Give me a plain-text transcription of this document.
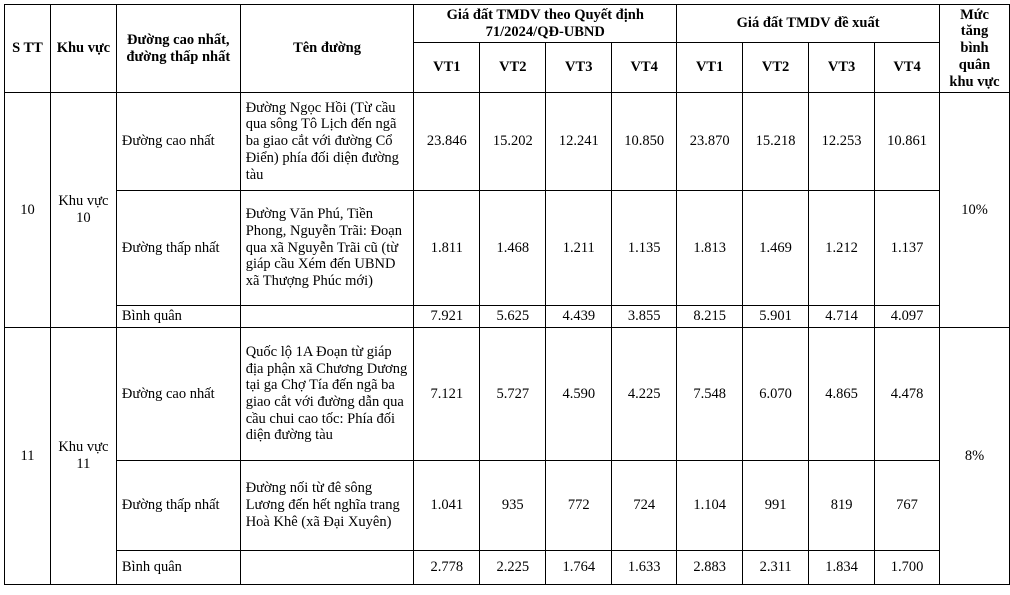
S TT	Khu vực	Đường cao nhất, đường thấp nhất	Tên đường	Giá đất TMDV theo Quyết định 71/2024/QĐ-UBND				Giá đất TMDV đề xuất				Mức tăng bình quân khu vực
				VT1	VT2	VT3	VT4	VT1	VT2	VT3	VT4	
10	Khu vực 10	Đường cao nhất	Đường Ngọc Hồi (Từ cầu qua sông Tô Lịch đến ngã ba giao cắt với đường Cổ Điển) phía đối diện đường tàu	23.846	15.202	12.241	10.850	23.870	15.218	12.253	10.861	10%
		Đường thấp nhất	Đường Văn Phú, Tiền Phong, Nguyễn Trãi: Đoạn qua xã Nguyễn Trãi cũ (từ giáp cầu Xém đến UBND xã Thượng Phúc mới)	1.811	1.468	1.211	1.135	1.813	1.469	1.212	1.137	
		Bình quân		7.921	5.625	4.439	3.855	8.215	5.901	4.714	4.097	
11	Khu vực 11	Đường cao nhất	Quốc lộ 1A Đoạn từ giáp địa phận xã Chương Dương tại ga Chợ Tía đến ngã ba giao cắt với đường dẫn qua cầu chui cao tốc: Phía đối diện đường tàu	7.121	5.727	4.590	4.225	7.548	6.070	4.865	4.478	8%
		Đường thấp nhất	Đường nối từ đê sông Lương đến hết nghĩa trang Hoà Khê (xã Đại Xuyên)	1.041	935	772	724	1.104	991	819	767	
		Bình quân		2.778	2.225	1.764	1.633	2.883	2.311	1.834	1.700	
